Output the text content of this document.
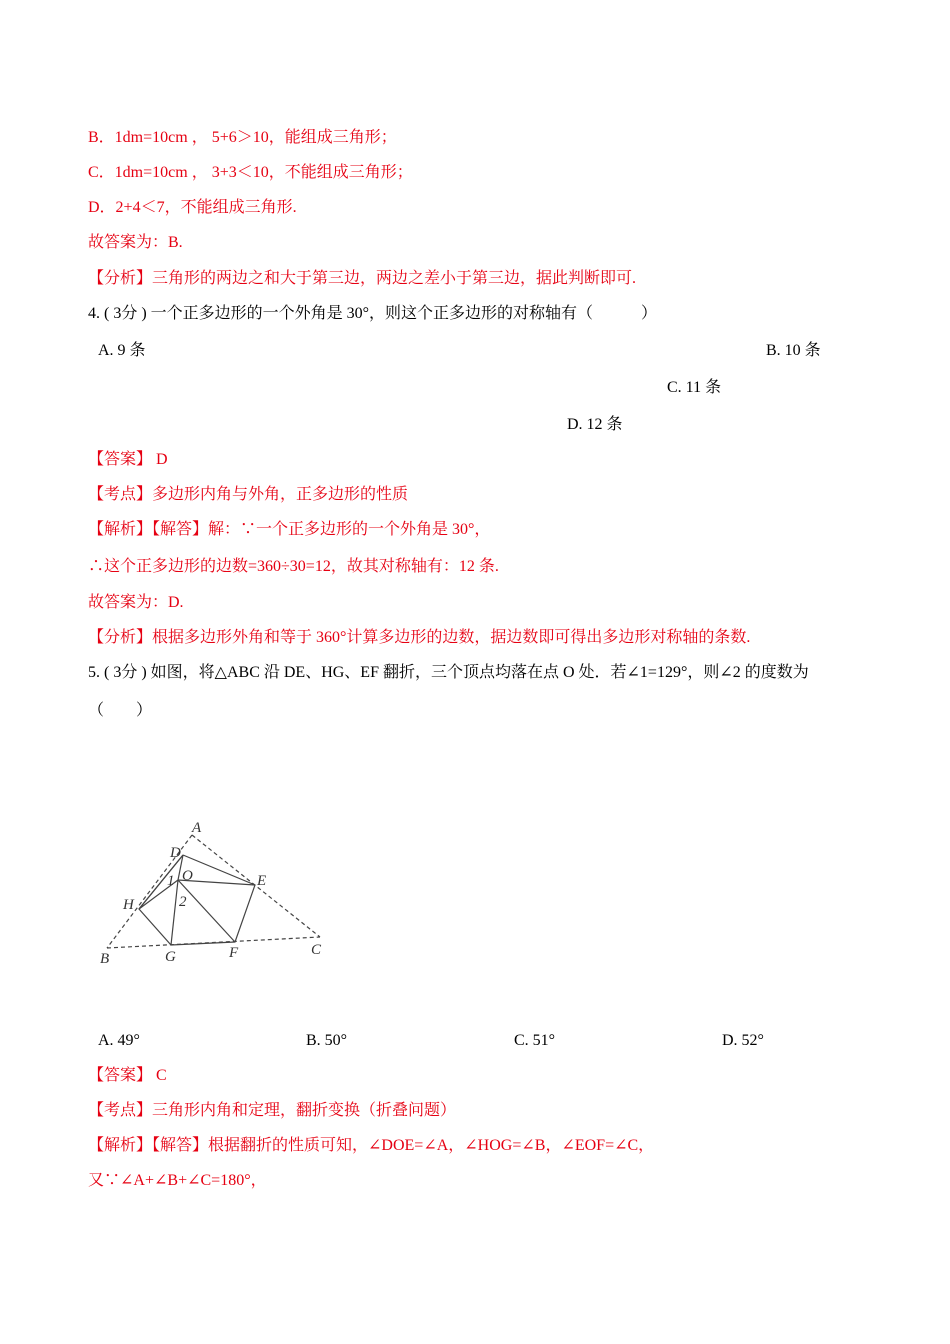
B．1dm=10cm ， 5+6＞10，能组成三角形；
C．1dm=10cm ， 3+3＜10，不能组成三角形；
D．2+4＜7，不能组成三角形.
故答案为：B.
【分析】三角形的两边之和大于第三边，两边之差小于第三边，据此判断即可.
4. ( 3分 ) 一个正多边形的一个外角是 30°，则这个正多边形的对称轴有（　　　）
A. 9 条	B. 10 条
C. 11 条
D. 12 条
【答案】 D
【考点】多边形内角与外角，正多边形的性质
【解析】【解答】解：∵一个正多边形的一个外角是 30°，
∴这个正多边形的边数=360÷30=12，故其对称轴有：12 条.
故答案为：D.
【分析】根据多边形外角和等于 360°计算多边形的边数，据边数即可得出多边形对称轴的条数.
5. ( 3分 ) 如图，将△ABC 沿 DE、HG、EF 翻折，三个顶点均落在点 O 处．若∠1=129°，则∠2 的度数为
（　　）
A
D
O
1
2
E
H
B	G	F	C
A. 49°	B. 50°	C. 51°	D. 52°
【答案】 C
【考点】三角形内角和定理，翻折变换（折叠问题）
【解析】【解答】根据翻折的性质可知，∠DOE=∠A，∠HOG=∠B，∠EOF=∠C，
又∵∠A+∠B+∠C=180°，
